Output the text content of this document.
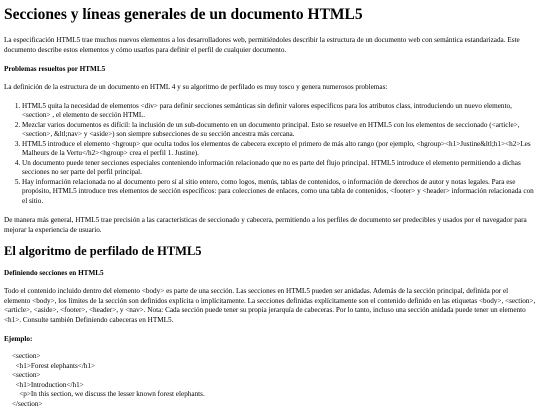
Secciones y líneas generales de un documento HTML5

La especificación HTML5 trae muchos nuevos elementos a los desarrolladores web, permitiéndoles describir la estructura de un documento web con semántica estandarizada. Este documento describe estos elementos y cómo usarlos para definir el perfil de cualquier documento.

Problemas resueltos por HTML5

La definición de la estructura de un documento en HTML 4 y su algoritmo de perfilado es muy tosco y genera numerosos problemas:

1. HTML5 quita la necesidad de elementos <div> para definir secciones semánticas sin definir valores específicos para los atributos class, introduciendo un nuevo elemento, <section> , el elemento de sección HTML.
2. Mezclar varios documentos es difícil: la inclusión de un sub-documento en un documento principal. Esto se resuelve en HTML5 con los elementos de seccionado (<article>, <section>, &ltl;nav> y <aside>) son siempre subsecciones de su sección ancestra más cercana.
3. HTML5 introduce el elemento <hgroup> que oculta todos los elementos de cabecera excepto el primero de más alto rango (por ejemplo, <hgroup><h1>Justine&ltl;h1><h2>Les Malheurs de la Vertu</h2><hgroup> crea el perfil 1. Justine).
4. Un documento puede tener secciones especiales conteniendo información relacionado que no es parte del flujo principal. HTML5 introduce el elemento permitiendo a dichas secciones no ser parte del perfil principal.
5. Hay información relacionada no al documento pero sí al sitio entero, como logos, menús, tablas de contenidos, o información de derechos de autor y notas legales. Para ese propósito, HTML5 introduce tres elementos de sección específicos: para colecciones de enlaces, como una tabla de contenidos, <footer> y <header> información relacionada con el sitio.

De manera más general, HTML5 trae precisión a las características de seccionado y cabecera, permitiendo a los perfiles de documento ser predecibles y usados por el navegador para mejorar la experiencia de usuario.

El algoritmo de perfilado de HTML5
Definiendo secciones en HTML5

Todo el contenido incluido dentro del elemento <body> es parte de una sección. Las secciones en HTML5 pueden ser anidadas. Además de la sección principal, definida por el elemento <body>, los límites de la sección son definidos explícita o implícitamente. La secciones definidas explícitamente son el contenido definido en las etiquetas <body>, <section>, <article>, <aside>, <footer>, <header>, y <nav>. Nota: Cada sección puede tener su propia jerarquía de cabeceras. Por lo tanto, incluso una sección anidada puede tener un elemento <h1>. Consulte también Definiendo cabeceras en HTML5.

Ejemplo:
<section>
<h1>Forest elephants</h1>
<section>
<h1>Introduction</h1>
<p>In this section, we discuss the lesser known forest elephants.
</section>
